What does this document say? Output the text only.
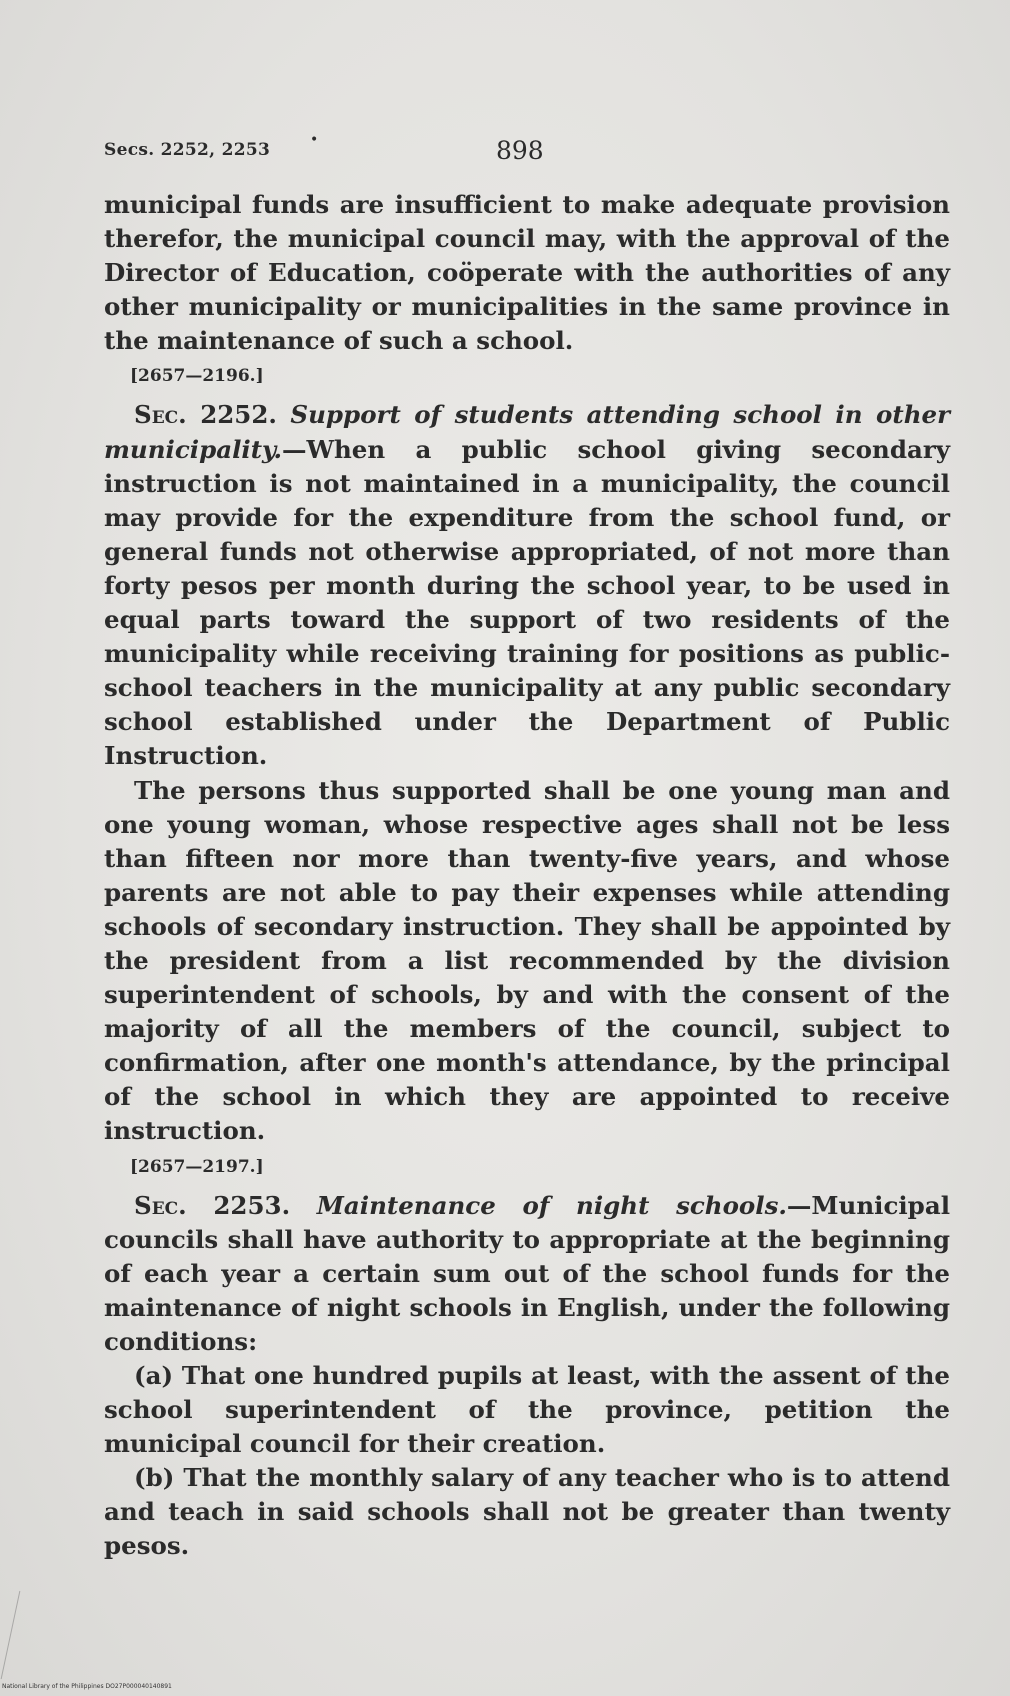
Secs. 2252, 2253	•	898

municipal funds are insufficient to make adequate provision therefor, the municipal council may, with the approval of the Director of Education, coöperate with the authorities of any other municipality or municipalities in the same province in the maintenance of such a school.

[2657—2196.]

Sec. 2252. Support of students attending school in other municipality.—When a public school giving secondary instruction is not maintained in a municipality, the council may provide for the expenditure from the school fund, or general funds not otherwise appropriated, of not more than forty pesos per month during the school year, to be used in equal parts toward the support of two residents of the municipality while receiving training for positions as public-school teachers in the municipality at any public secondary school established under the Department of Public Instruction.

The persons thus supported shall be one young man and one young woman, whose respective ages shall not be less than fifteen nor more than twenty-five years, and whose parents are not able to pay their expenses while attending schools of secondary instruction. They shall be appointed by the president from a list recommended by the division superintendent of schools, by and with the consent of the majority of all the members of the council, subject to confirmation, after one month's attendance, by the principal of the school in which they are appointed to receive instruction.

[2657—2197.]

Sec. 2253. Maintenance of night schools.—Municipal councils shall have authority to appropriate at the beginning of each year a certain sum out of the school funds for the maintenance of night schools in English, under the following conditions:

(a) That one hundred pupils at least, with the assent of the school superintendent of the province, petition the municipal council for their creation.

(b) That the monthly salary of any teacher who is to attend and teach in said schools shall not be greater than twenty pesos.

National Library of the Philippines DO27P000040140891
